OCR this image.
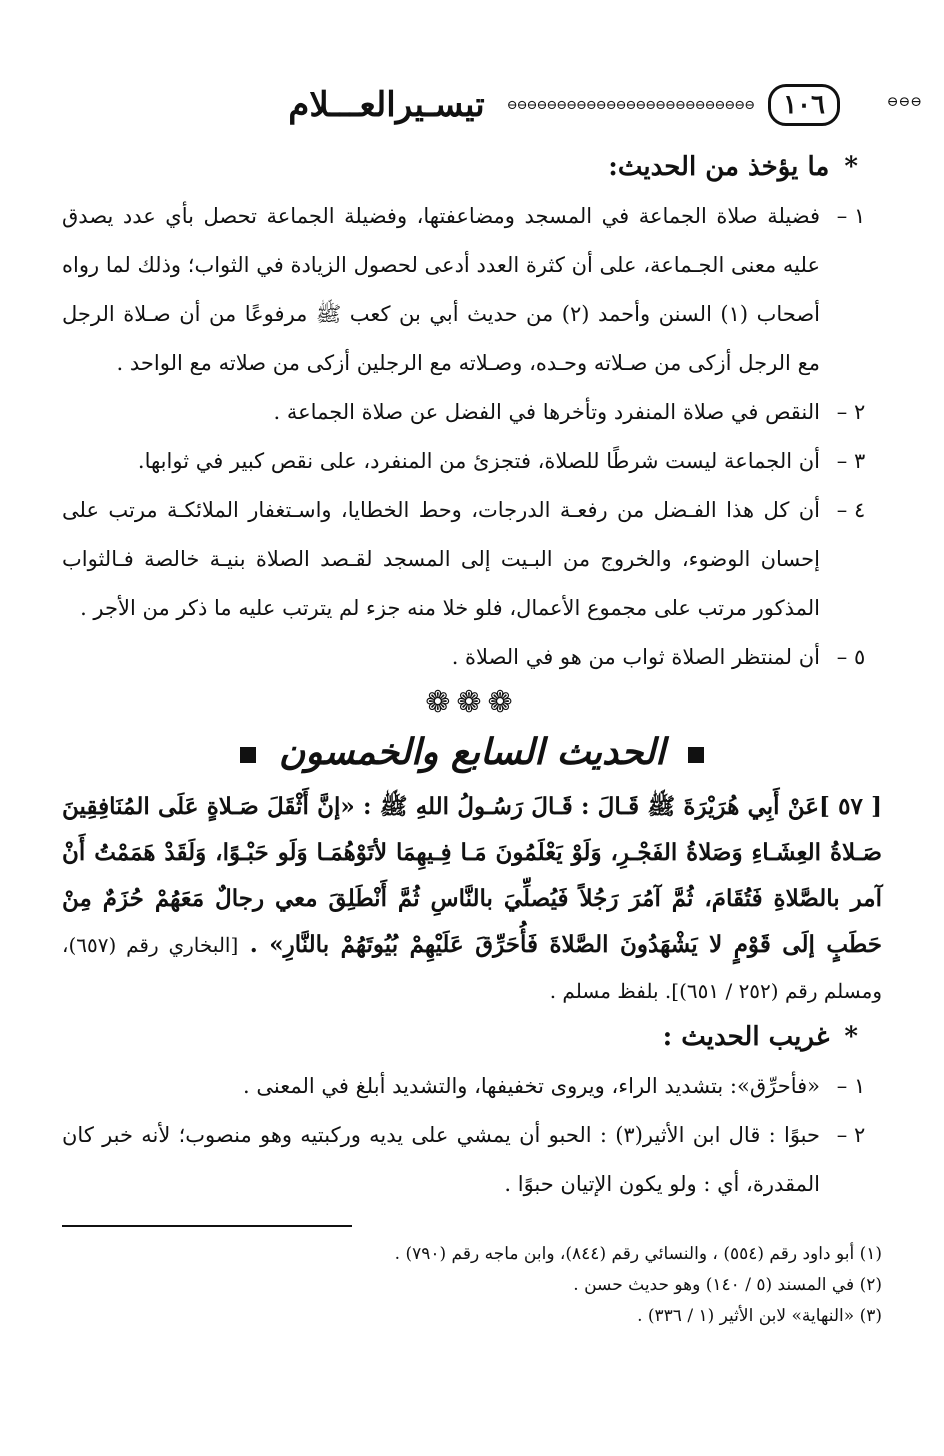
١٠٦
⊖⊖⊖⊖⊖⊖⊖⊖⊖⊖⊖⊖⊖⊖⊖⊖⊖⊖⊖⊖⊖⊖⊖⊖⊖
تيسـيرالعـــلام	⊖⊖⊖
* ما يؤخذ من الحديث:
١ –
فضيلة صلاة الجماعة في المسجد ومضاعفتها، وفضيلة الجماعة تحصل بأي عدد يصدق عليه معنى الجـماعة، على أن كثرة العدد أدعى لحصول الزيادة في الثواب؛ وذلك لما رواه أصحاب (١) السنن وأحمد (٢) من حديث أبي بن كعب ﷺ مرفوعًا من أن صـلاة الرجل مع الرجل أزكى من صـلاته وحـده، وصـلاته مع الرجلين أزكى من صلاته مع الواحد .
٢ –
النقص في صلاة المنفرد وتأخرها في الفضل عن صلاة الجماعة .
٣ –
أن الجماعة ليست شرطًا للصلاة، فتجزئ من المنفرد، على نقص كبير في ثوابها.
٤ –
أن كل هذا الفـضل من رفعـة الدرجات، وحط الخطايا، واسـتغفار الملائكـة مرتب على إحسان الوضوء، والخروج من البـيت إلى المسجد لقـصد الصلاة بنيـة خالصة فـالثواب المذكور مرتب على مجموع الأعمال، فلو خلا منه جزء لم يترتب عليه ما ذكر من الأجر .
٥ –
أن لمنتظر الصلاة ثواب من هو في الصلاة .
❁❁❁
الحديث السابع والخمسون
[ ٥٧ ]عَنْ أَبِي هُرَيْرَةَ ﷺ قَـالَ : قَـالَ رَسُـولُ اللهِ ﷺ : «إنَّ أَثْقَلَ صَـلاةٍ عَلَى المُنَافِقِينَ صَـلاةُ العِشَـاءِ وَصَلاةُ الفَجْـرِ، وَلَوْ يَعْلَمُونَ مَـا فِـيهِمَا لأتَوْهُمَـا وَلَو حَبْـوًا، وَلَقَدْ هَمَمْتُ أَنْ آمر بالصَّلاةِ فَتُقَامَ، ثُمَّ آمُرَ رَجُلاً فَيُصلِّيَ بالنَّاسِ ثُمَّ أَنْطَلِقَ معي رجالٌ مَعَهُمْ حُزَمٌ مِنْ حَطَبٍ إلَى قَوْمٍ لا يَشْهَدُونَ الصَّلاةَ فَأُحَرِّقَ عَلَيْهِمْ بُيُوتَهُمْ بالنَّارِ» . [البخاري رقم (٦٥٧)، ومسلم رقم (٢٥٢ / ٦٥١)]. بلفظ مسلم .
* غريب الحديث :
١ –
«فأحرِّق»: بتشديد الراء، ويروى تخفيفها، والتشديد أبلغ في المعنى .
٢ –
حبوًا : قال ابن الأثير(٣) : الحبو أن يمشي على يديه وركبتيه وهو منصوب؛ لأنه خبر كان المقدرة، أي : ولو يكون الإتيان حبوًا .
(١) أبو داود رقم (٥٥٤) ، والنسائي رقم (٨٤٤)، وابن ماجه رقم (٧٩٠) .
(٢) في المسند (٥ / ١٤٠) وهو حديث حسن .
(٣) «النهاية» لابن الأثير (١ / ٣٣٦) .
